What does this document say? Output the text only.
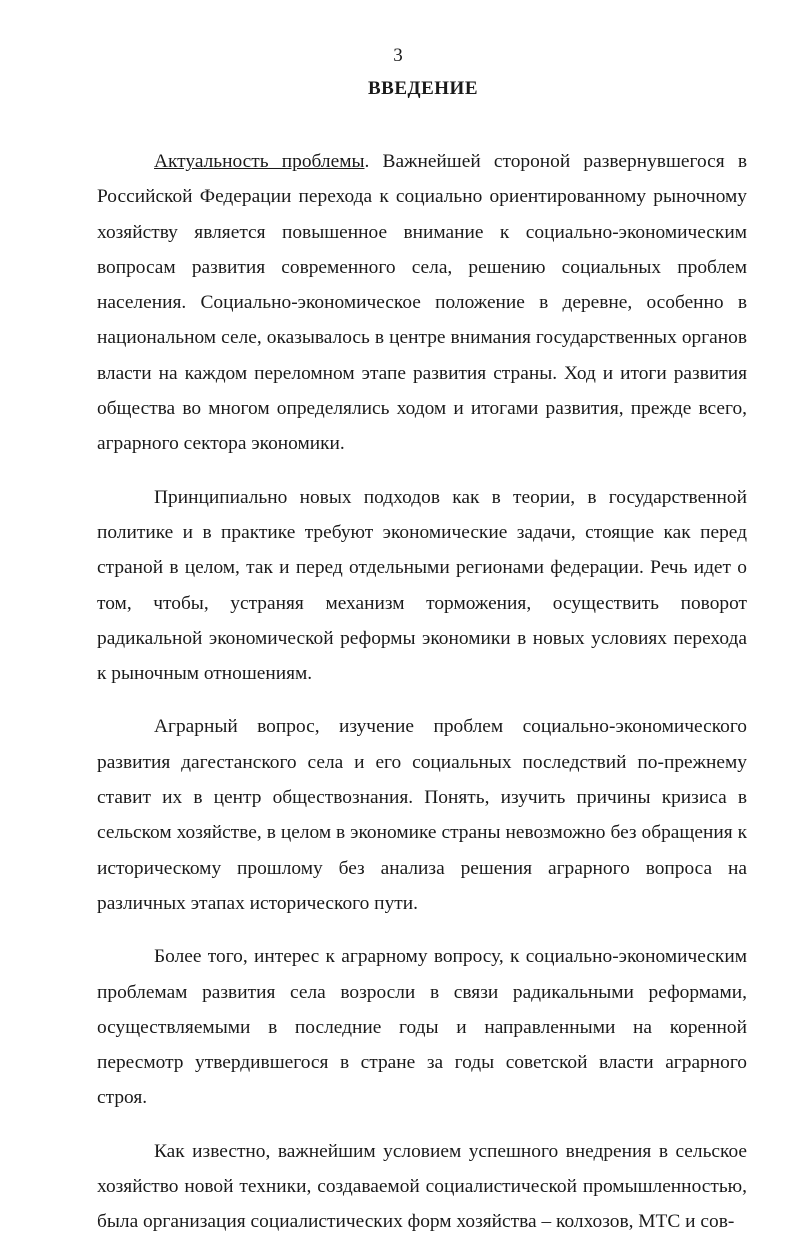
3
ВВЕДЕНИЕ

Актуальность проблемы. Важнейшей стороной развернувшегося в Российской Федерации перехода к социально ориентированному рыночному хозяйству является повышенное внимание к социально-экономическим вопросам развития современного села, решению социальных проблем населения. Социально-экономическое положение в деревне, особенно в национальном селе, оказывалось в центре внимания государственных органов власти на каждом переломном этапе развития страны. Ход и итоги развития общества во многом определялись ходом и итогами развития, прежде всего, аграрного сектора экономики.

Принципиально новых подходов как в теории, в государственной политике и в практике требуют экономические задачи, стоящие как перед страной в целом, так и перед отдельными регионами федерации. Речь идет о том, чтобы, устраняя механизм торможения, осуществить поворот радикальной экономической реформы экономики в новых условиях перехода к рыночным отношениям.

Аграрный вопрос, изучение проблем социально-экономического развития дагестанского села и его социальных последствий по-прежнему ставит их в центр обществознания. Понять, изучить причины кризиса в сельском хозяйстве, в целом в экономике страны невозможно без обращения к историческому прошлому без анализа решения аграрного вопроса на различных этапах исторического пути.

Более того, интерес к аграрному вопросу, к социально-экономическим проблемам развития села возросли в связи радикальными реформами, осуществляемыми в последние годы и направленными на коренной пересмотр утвердившегося в стране за годы советской власти аграрного строя.

Как известно, важнейшим условием успешного внедрения в сельское хозяйство новой техники, создаваемой социалистической промышленностью, была организация социалистических форм хозяйства – колхозов, МТС и сов-
